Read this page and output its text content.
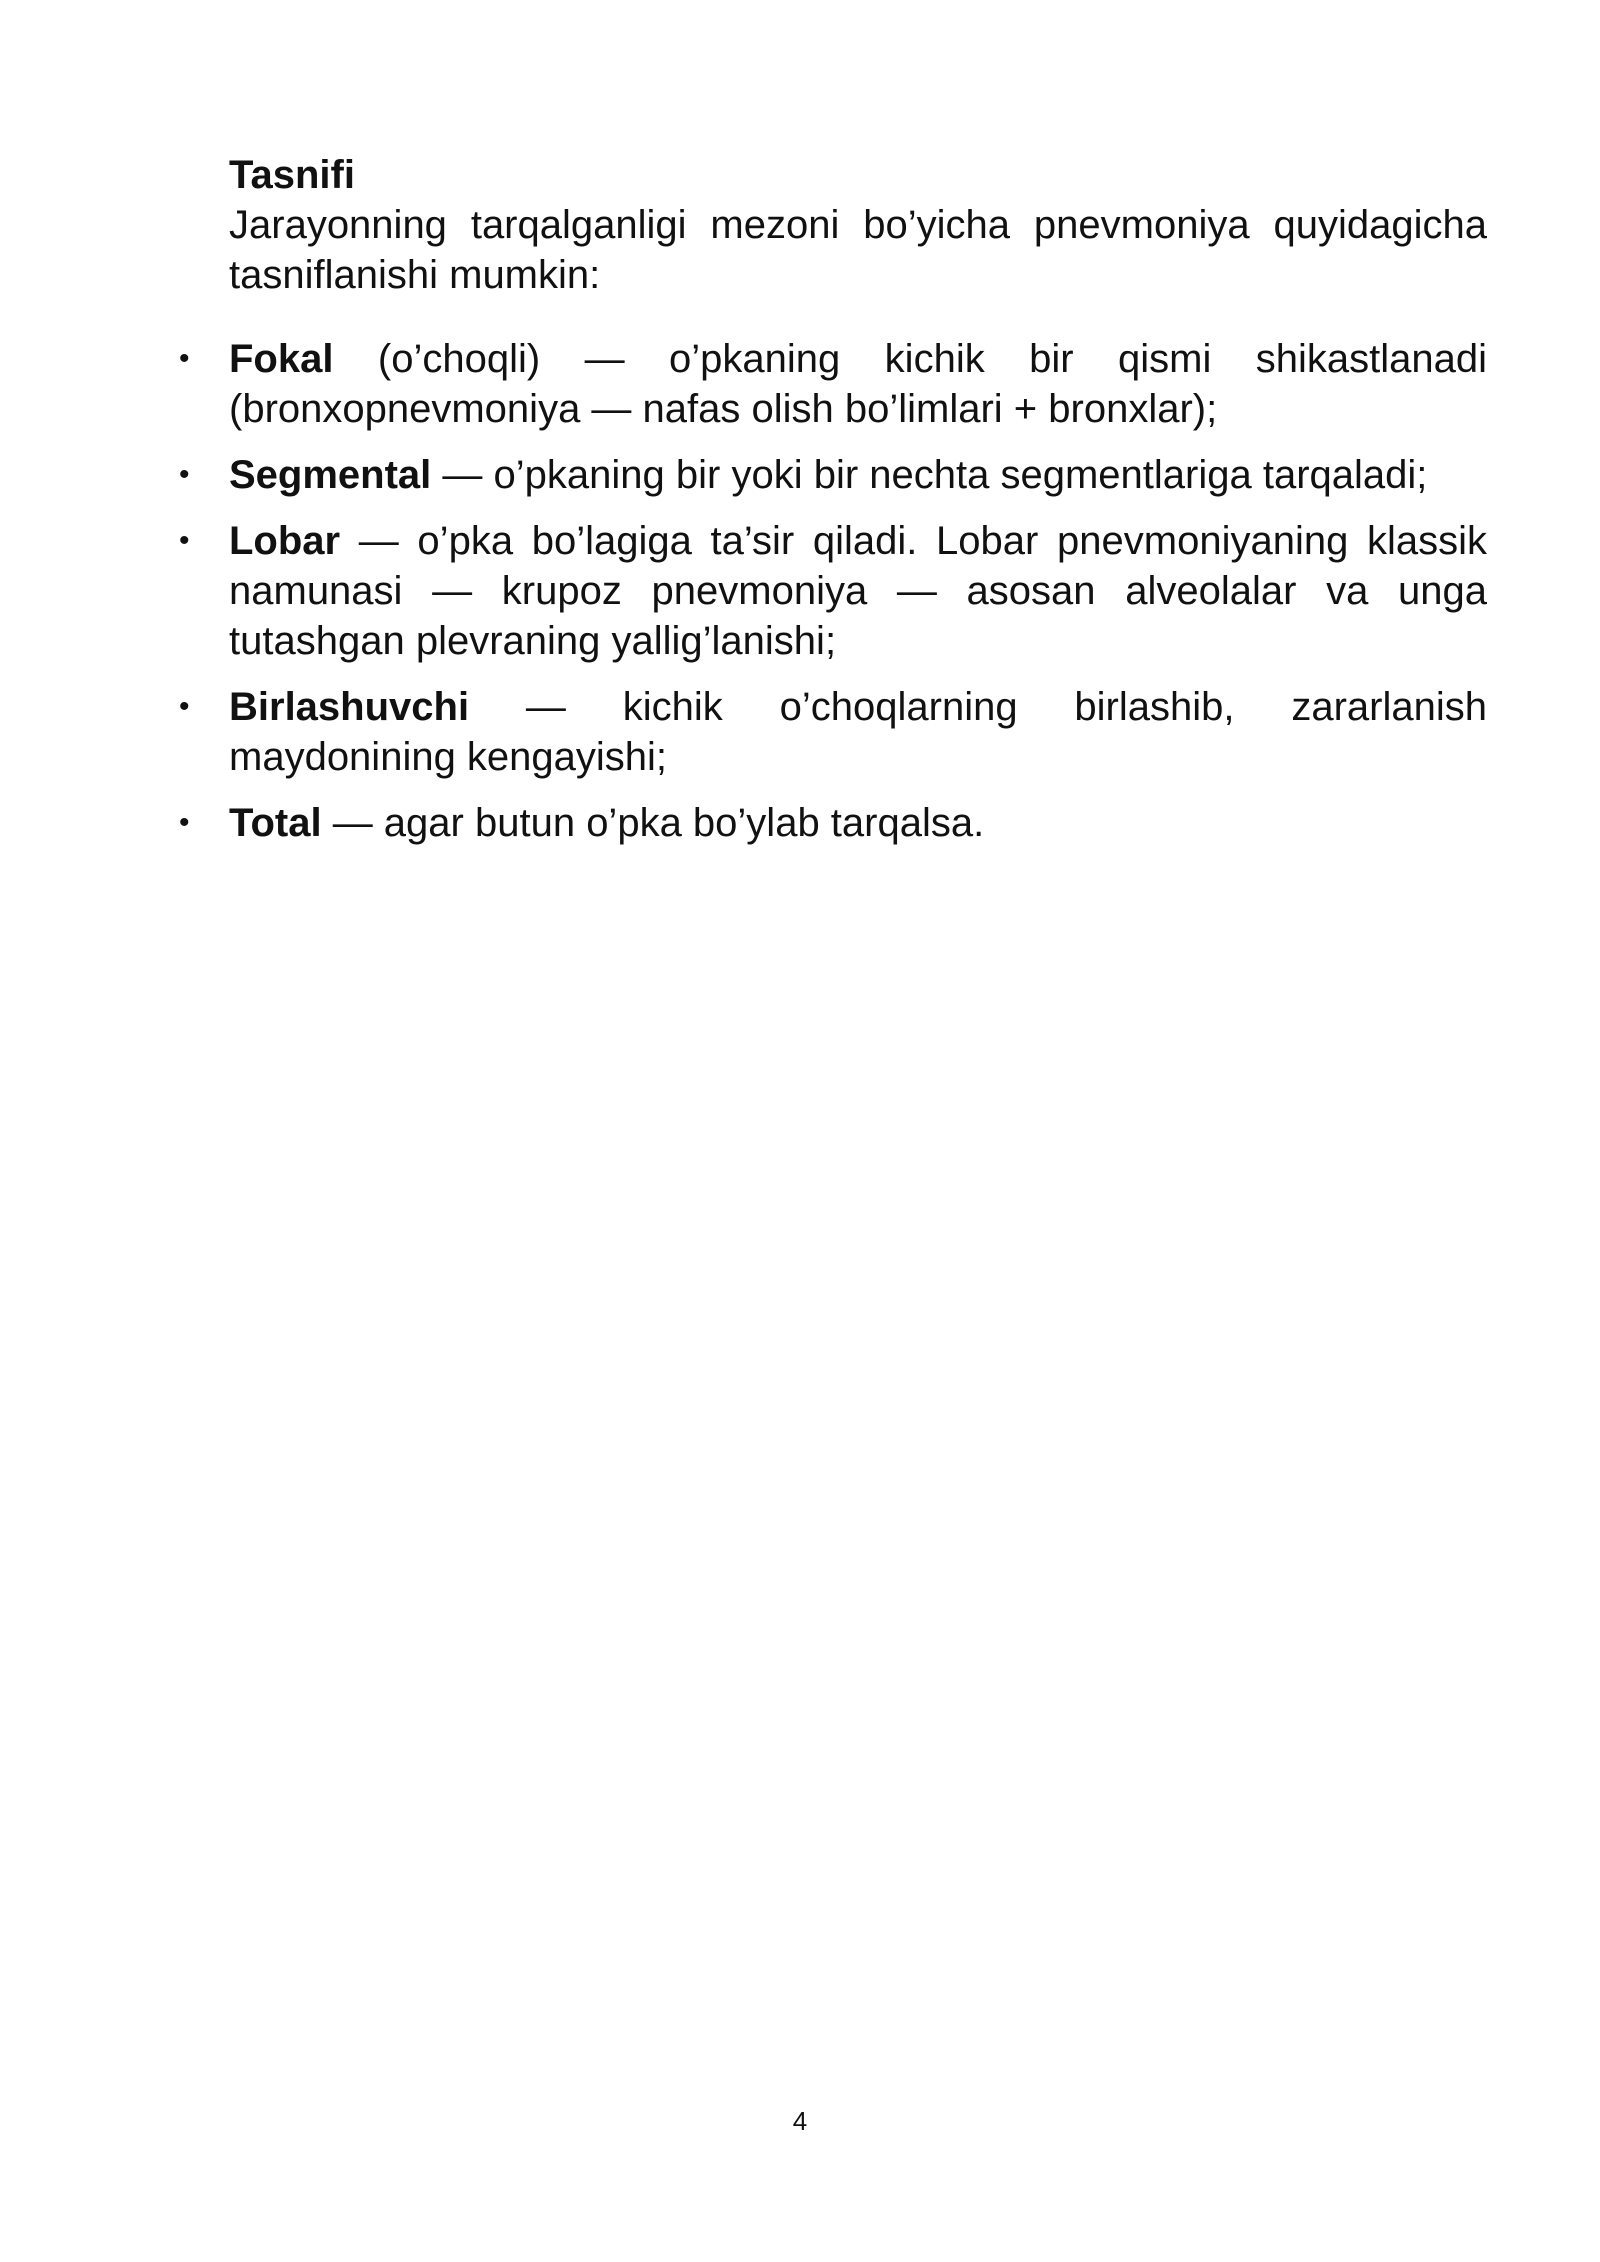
Tasnifi

Jarayonning tarqalganligi mezoni bo’yicha pnevmoniya quyidagicha tasniflanishi mumkin:

• Fokal (o’choqli) — o’pkaning kichik bir qismi shikastlanadi (bronxopnevmoniya — nafas olish bo’limlari + bronxlar);
• Segmental — o’pkaning bir yoki bir nechta segmentlariga tarqaladi;
• Lobar — o’pka bo’lagiga ta’sir qiladi. Lobar pnevmoniyaning klassik namunasi — krupoz pnevmoniya — asosan alveolalar va unga tutashgan plevraning yallig’lanishi;
• Birlashuvchi — kichik o’choqlarning birlashib, zararlanish maydonining kengayishi;
• Total — agar butun o’pka bo’ylab tarqalsa.
4
